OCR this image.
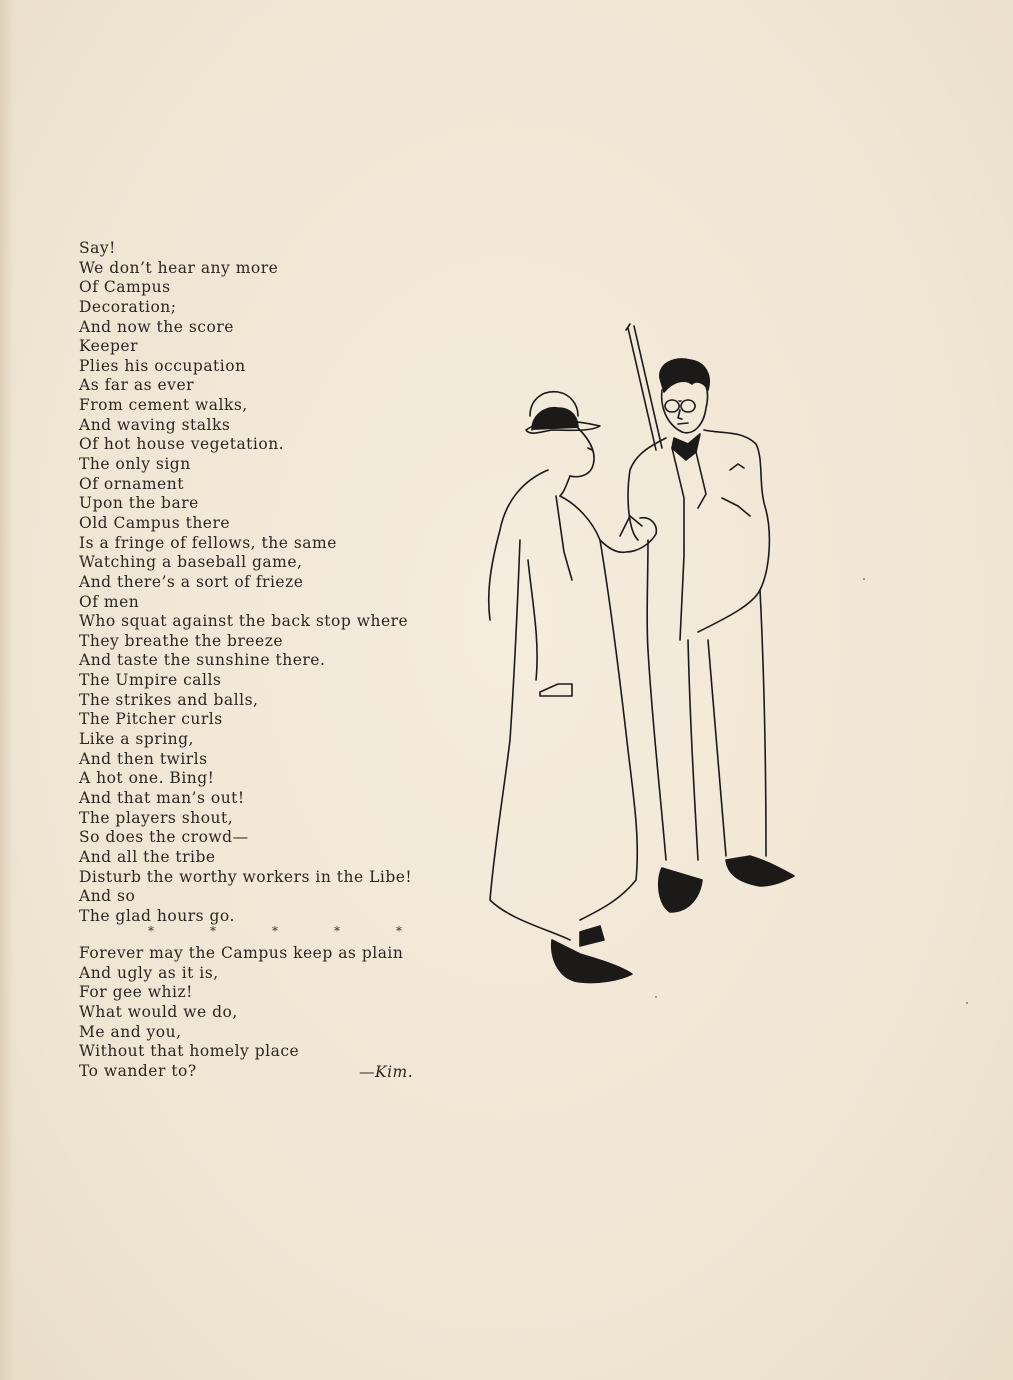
Say!
We don’t hear any more
Of Campus
Decoration;
And now the score
Keeper
Plies his occupation
As far as ever
From cement walks,
And waving stalks
Of hot house vegetation.
The only sign
Of ornament
Upon the bare
Old Campus there
Is a fringe of fellows, the same
Watching a baseball game,
And there’s a sort of frieze
Of men
Who squat against the back stop where
They breathe the breeze
And taste the sunshine there.
The Umpire calls
The strikes and balls,
The Pitcher curls
Like a spring,
And then twirls
A hot one. Bing!
And that man’s out!
The players shout,
So does the crowd—
And all the tribe
Disturb the worthy workers in the Libe!
And so
The glad hours go.
*	*	*	*	*
Forever may the Campus keep as plain
And ugly as it is,
For gee whiz!
What would we do,
Me and you,
Without that homely place
To wander to?	—Kim.
